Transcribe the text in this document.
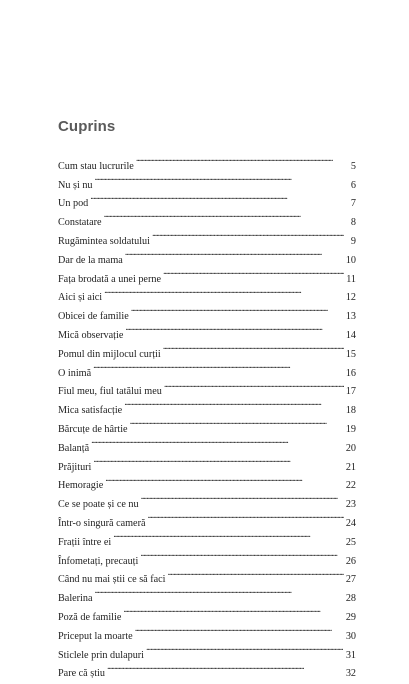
Cuprins
Cum stau lucrurile . . .	5
Nu și nu . . .	6
Un pod . . .	7
Constatare . . .	8
Rugămintea soldatului . . .	9
Dar de la mama . . .	10
Fața brodată a unei perne . . .	11
Aici și aici . . .	12
Obicei de familie . . .	13
Mică observație . . .	14
Pomul din mijlocul curții . . .	15
O inimă . . .	16
Fiul meu, fiul tatălui meu . . .	17
Mica satisfacție . . .	18
Bărcuțe de hârtie . . .	19
Balanță . . .	20
Prăjituri . . .	21
Hemoragie . . .	22
Ce se poate și ce nu . . .	23
Într-o singură cameră . . .	24
Frații între ei . . .	25
Înfometați, precauți . . .	26
Când nu mai știi ce să faci . . .	27
Balerina . . .	28
Poză de familie . . .	29
Priceput la moarte . . .	30
Sticlele prin dulapuri . . .	31
Pare că știu . . .	32
